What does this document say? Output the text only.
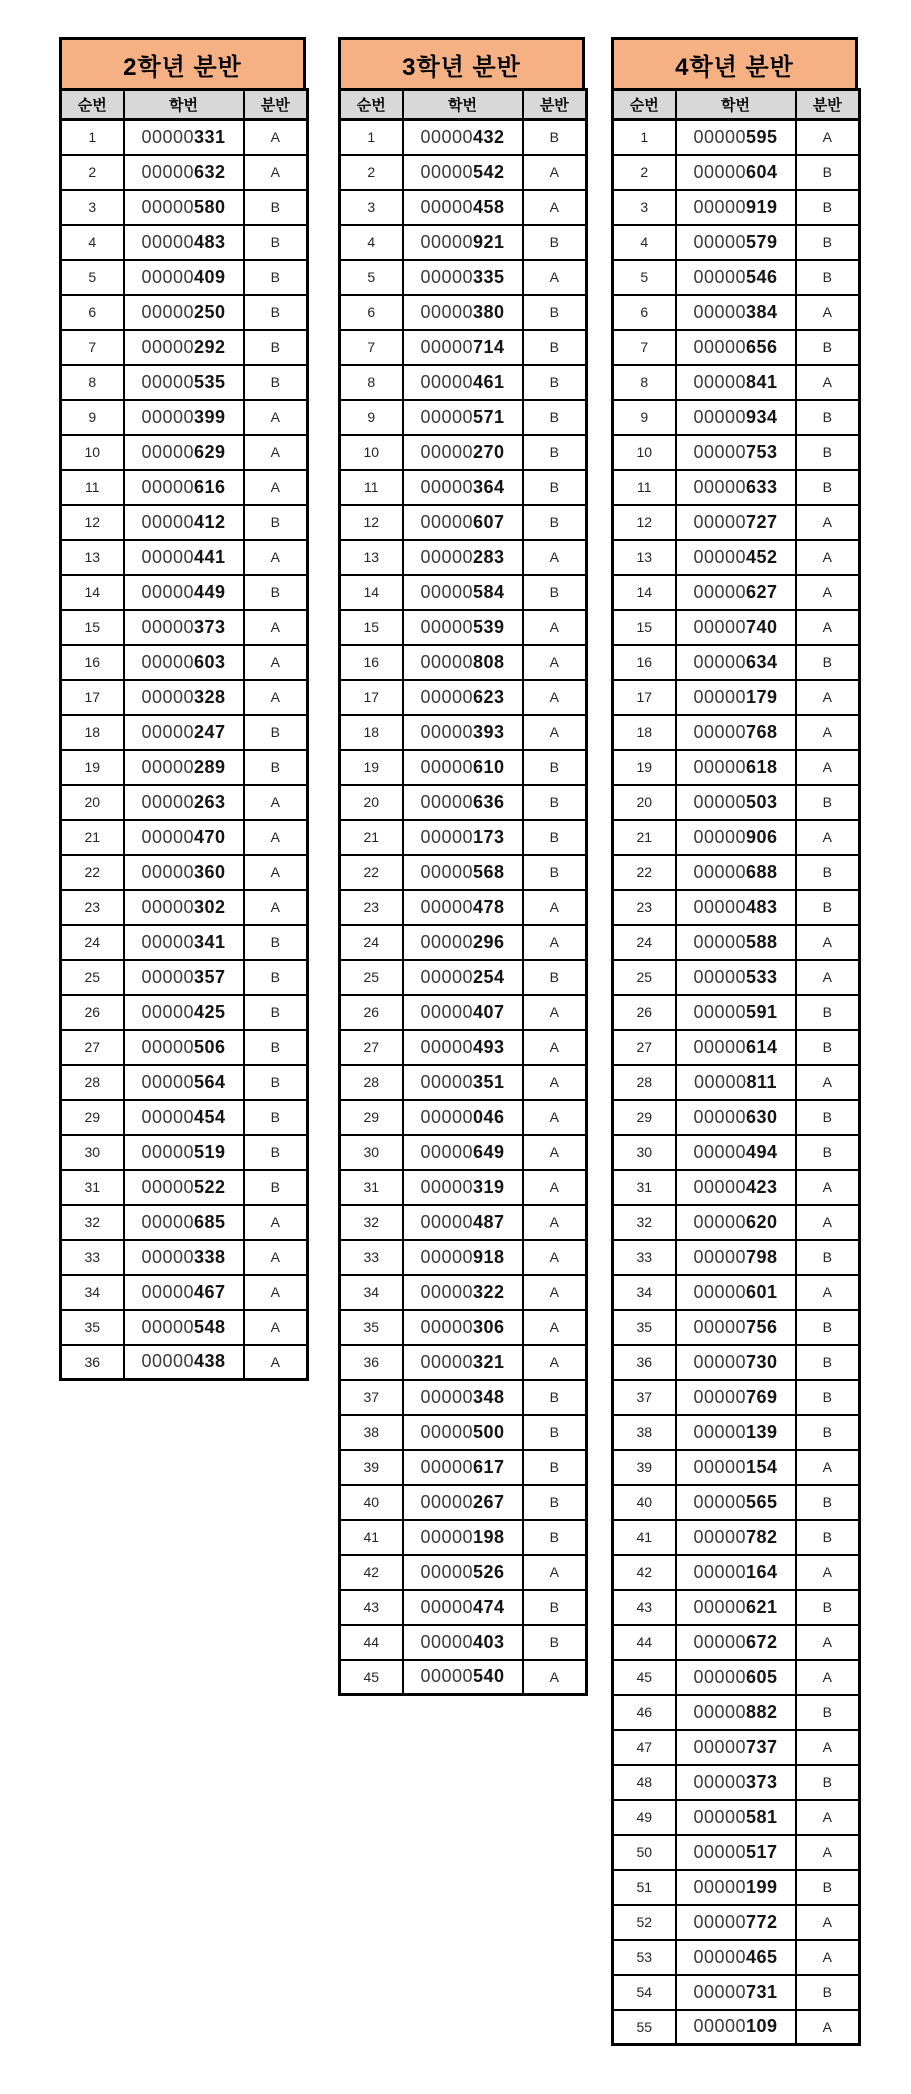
2학년 분반
순번	학번	분반
1	00000331	A
2	00000632	A
3	00000580	B
4	00000483	B
5	00000409	B
6	00000250	B
7	00000292	B
8	00000535	B
9	00000399	A
10	00000629	A
11	00000616	A
12	00000412	B
13	00000441	A
14	00000449	B
15	00000373	A
16	00000603	A
17	00000328	A
18	00000247	B
19	00000289	B
20	00000263	A
21	00000470	A
22	00000360	A
23	00000302	A
24	00000341	B
25	00000357	B
26	00000425	B
27	00000506	B
28	00000564	B
29	00000454	B
30	00000519	B
31	00000522	B
32	00000685	A
33	00000338	A
34	00000467	A
35	00000548	A
36	00000438	A
3학년 분반
순번	학번	분반
1	00000432	B
2	00000542	A
3	00000458	A
4	00000921	B
5	00000335	A
6	00000380	B
7	00000714	B
8	00000461	B
9	00000571	B
10	00000270	B
11	00000364	B
12	00000607	B
13	00000283	A
14	00000584	B
15	00000539	A
16	00000808	A
17	00000623	A
18	00000393	A
19	00000610	B
20	00000636	B
21	00000173	B
22	00000568	B
23	00000478	A
24	00000296	A
25	00000254	B
26	00000407	A
27	00000493	A
28	00000351	A
29	00000046	A
30	00000649	A
31	00000319	A
32	00000487	A
33	00000918	A
34	00000322	A
35	00000306	A
36	00000321	A
37	00000348	B
38	00000500	B
39	00000617	B
40	00000267	B
41	00000198	B
42	00000526	A
43	00000474	B
44	00000403	B
45	00000540	A
4학년 분반
순번	학번	분반
1	00000595	A
2	00000604	B
3	00000919	B
4	00000579	B
5	00000546	B
6	00000384	A
7	00000656	B
8	00000841	A
9	00000934	B
10	00000753	B
11	00000633	B
12	00000727	A
13	00000452	A
14	00000627	A
15	00000740	A
16	00000634	B
17	00000179	A
18	00000768	A
19	00000618	A
20	00000503	B
21	00000906	A
22	00000688	B
23	00000483	B
24	00000588	A
25	00000533	A
26	00000591	B
27	00000614	B
28	00000811	A
29	00000630	B
30	00000494	B
31	00000423	A
32	00000620	A
33	00000798	B
34	00000601	A
35	00000756	B
36	00000730	B
37	00000769	B
38	00000139	B
39	00000154	A
40	00000565	B
41	00000782	B
42	00000164	A
43	00000621	B
44	00000672	A
45	00000605	A
46	00000882	B
47	00000737	A
48	00000373	B
49	00000581	A
50	00000517	A
51	00000199	B
52	00000772	A
53	00000465	A
54	00000731	B
55	00000109	A
